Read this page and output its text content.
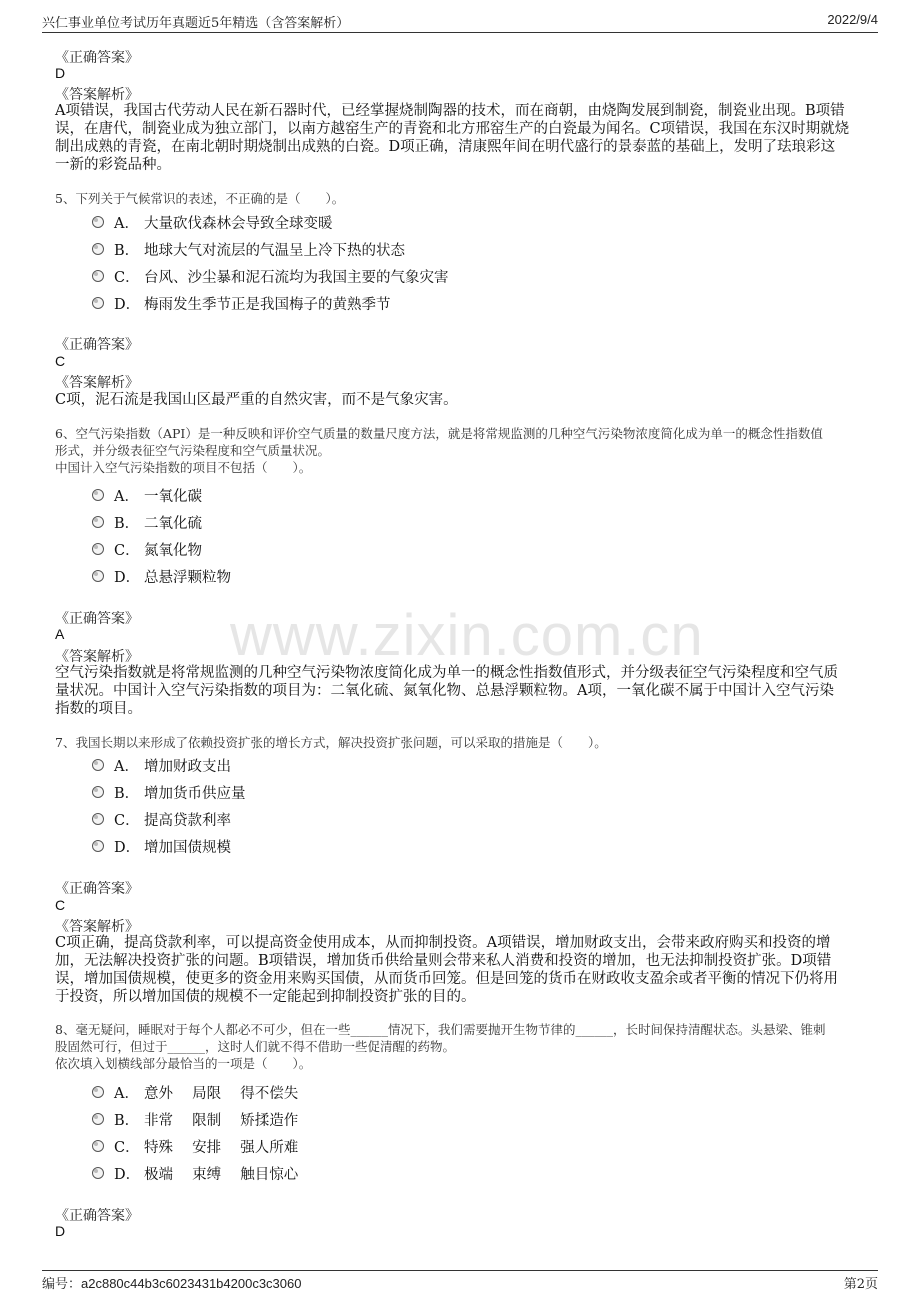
兴仁事业单位考试历年真题近5年精选（含答案解析）	2022/9/4
www.zixin.com.cn
《正确答案》
D
《答案解析》
A项错误，我国古代劳动人民在新石器时代，已经掌握烧制陶器的技术，而在商朝，由烧陶发展到制瓷，制瓷业出现。B项错
误，在唐代，制瓷业成为独立部门，以南方越窑生产的青瓷和北方邢窑生产的白瓷最为闻名。C项错误，我国在东汉时期就烧
制出成熟的青瓷，在南北朝时期烧制出成熟的白瓷。D项正确，清康熙年间在明代盛行的景泰蓝的基础上，发明了珐琅彩这
一新的彩瓷品种。
5、下列关于气候常识的表述，不正确的是（　　）。
A． 大量砍伐森林会导致全球变暖
B． 地球大气对流层的气温呈上冷下热的状态
C． 台风、沙尘暴和泥石流均为我国主要的气象灾害
D． 梅雨发生季节正是我国梅子的黄熟季节
《正确答案》
C
《答案解析》
C项，泥石流是我国山区最严重的自然灾害，而不是气象灾害。
6、空气污染指数（API）是一种反映和评价空气质量的数量尺度方法，就是将常规监测的几种空气污染物浓度简化成为单一的概念性指数值
形式，并分级表征空气污染程度和空气质量状况。
中国计入空气污染指数的项目不包括（　　）。
A． 一氧化碳
B． 二氧化硫
C． 氮氧化物
D． 总悬浮颗粒物
《正确答案》
A
《答案解析》
空气污染指数就是将常规监测的几种空气污染物浓度简化成为单一的概念性指数值形式，并分级表征空气污染程度和空气质
量状况。中国计入空气污染指数的项目为：二氧化硫、氮氧化物、总悬浮颗粒物。A项，一氧化碳不属于中国计入空气污染
指数的项目。
7、我国长期以来形成了依赖投资扩张的增长方式，解决投资扩张问题，可以采取的措施是（　　）。
A． 增加财政支出
B． 增加货币供应量
C． 提高贷款利率
D． 增加国债规模
《正确答案》
C
《答案解析》
C项正确，提高贷款利率，可以提高资金使用成本，从而抑制投资。A项错误，增加财政支出，会带来政府购买和投资的增
加，无法解决投资扩张的问题。B项错误，增加货币供给量则会带来私人消费和投资的增加，也无法抑制投资扩张。D项错
误，增加国债规模，使更多的资金用来购买国债，从而货币回笼。但是回笼的货币在财政收支盈余或者平衡的情况下仍将用
于投资，所以增加国债的规模不一定能起到抑制投资扩张的目的。
8、毫无疑问，睡眠对于每个人都必不可少，但在一些______情况下，我们需要抛开生物节律的______，长时间保持清醒状态。头悬梁、锥刺
股固然可行，但过于______，这时人们就不得不借助一些促清醒的药物。
依次填入划横线部分最恰当的一项是（　　）。
A． 意外　 局限　 得不偿失
B． 非常　 限制　 矫揉造作
C． 特殊　 安排　 强人所难
D． 极端　 束缚　 触目惊心
《正确答案》
D
编号：a2c880c44b3c6023431b4200c3c3060	第2页
